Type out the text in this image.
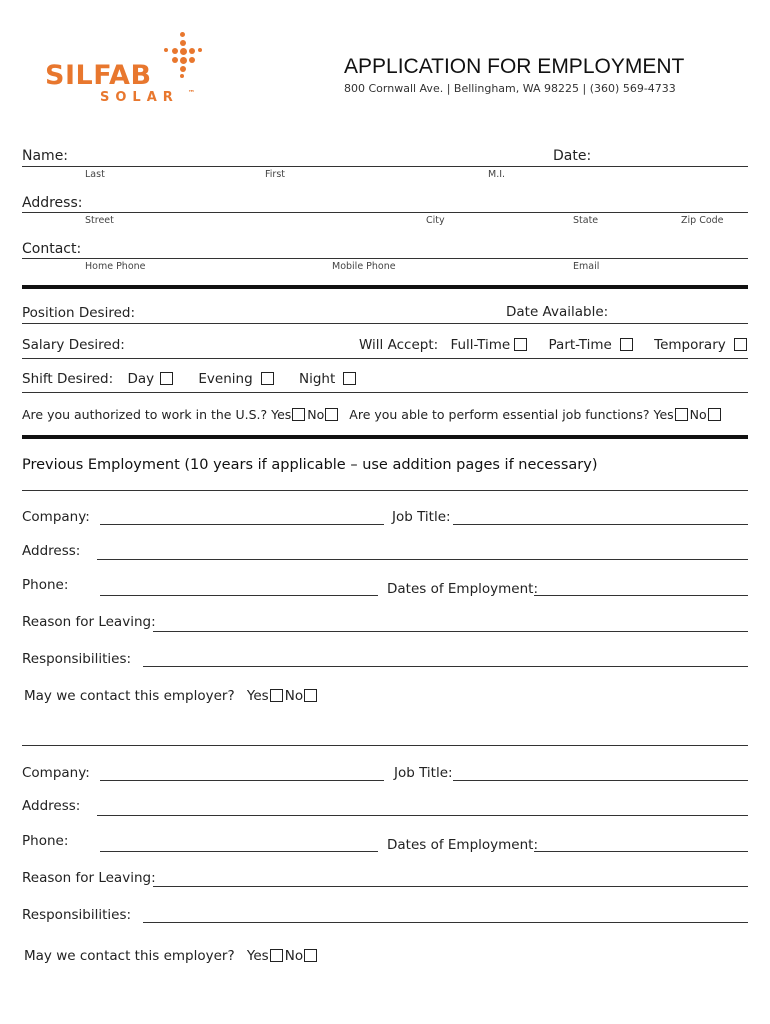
SILFAB
SOLAR ™
APPLICATION FOR EMPLOYMENT
800 Cornwall Ave. | Bellingham, WA 98225 | (360) 569-4733
Name:	Date:
Last	First	M.I.
Address:
Street	City	State	Zip Code
Contact:
Home Phone	Mobile Phone	Email
Position Desired:	Date Available:
Salary Desired:	Will Accept: Full-Time	Part-Time	Temporary
Shift Desired: Day	Evening	Night
Are you authorized to work in the U.S.? Yes No Are you able to perform essential job functions? Yes No
Previous Employment (10 years if applicable – use addition pages if necessary)
Company:	Job Title:
Address:
Phone:	Dates of Employment:
Reason for Leaving:
Responsibilities:
May we contact this employer? Yes No
Company:	Job Title:
Address:
Phone:	Dates of Employment:
Reason for Leaving:
Responsibilities:
May we contact this employer? Yes No
